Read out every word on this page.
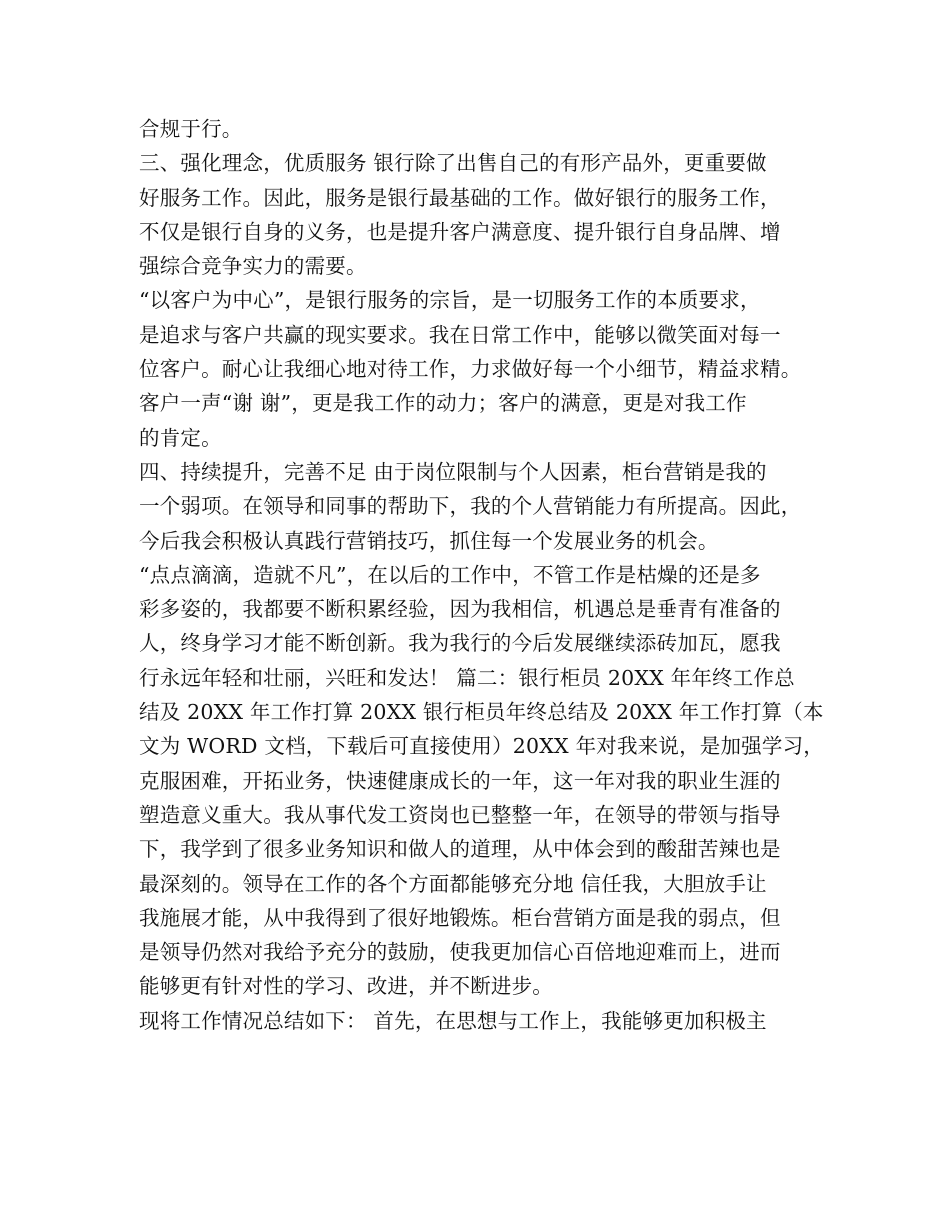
合规于行。
三、强化理念，优质服务 银行除了出售自己的有形产品外，更重要做
好服务工作。因此，服务是银行最基础的工作。做好银行的服务工作，
不仅是银行自身的义务，也是提升客户满意度、提升银行自身品牌、增
强综合竞争实力的需要。
“以客户为中心”，是银行服务的宗旨，是一切服务工作的本质要求，
是追求与客户共赢的现实要求。我在日常工作中，能够以微笑面对每一
位客户。耐心让我细心地对待工作，力求做好每一个小细节，精益求精。
客户一声“谢 谢”，更是我工作的动力；客户的满意，更是对我工作
的肯定。
四、持续提升，完善不足 由于岗位限制与个人因素，柜台营销是我的
一个弱项。在领导和同事的帮助下，我的个人营销能力有所提高。因此，
今后我会积极认真践行营销技巧，抓住每一个发展业务的机会。
“点点滴滴，造就不凡”，在以后的工作中，不管工作是枯燥的还是多
彩多姿的，我都要不断积累经验，因为我相信，机遇总是垂青有准备的
人，终身学习才能不断创新。我为我行的今后发展继续添砖加瓦，愿我
行永远年轻和壮丽，兴旺和发达！ 篇二：银行柜员 20XX 年年终工作总
结及 20XX 年工作打算 20XX 银行柜员年终总结及 20XX 年工作打算（本
文为 WORD 文档，下载后可直接使用）20XX 年对我来说，是加强学习，
克服困难，开拓业务，快速健康成长的一年，这一年对我的职业生涯的
塑造意义重大。我从事代发工资岗也已整整一年，在领导的带领与指导
下，我学到了很多业务知识和做人的道理，从中体会到的酸甜苦辣也是
最深刻的。领导在工作的各个方面都能够充分地 信任我，大胆放手让
我施展才能，从中我得到了很好地锻炼。柜台营销方面是我的弱点，但
是领导仍然对我给予充分的鼓励，使我更加信心百倍地迎难而上，进而
能够更有针对性的学习、改进，并不断进步。
现将工作情况总结如下： 首先，在思想与工作上，我能够更加积极主
